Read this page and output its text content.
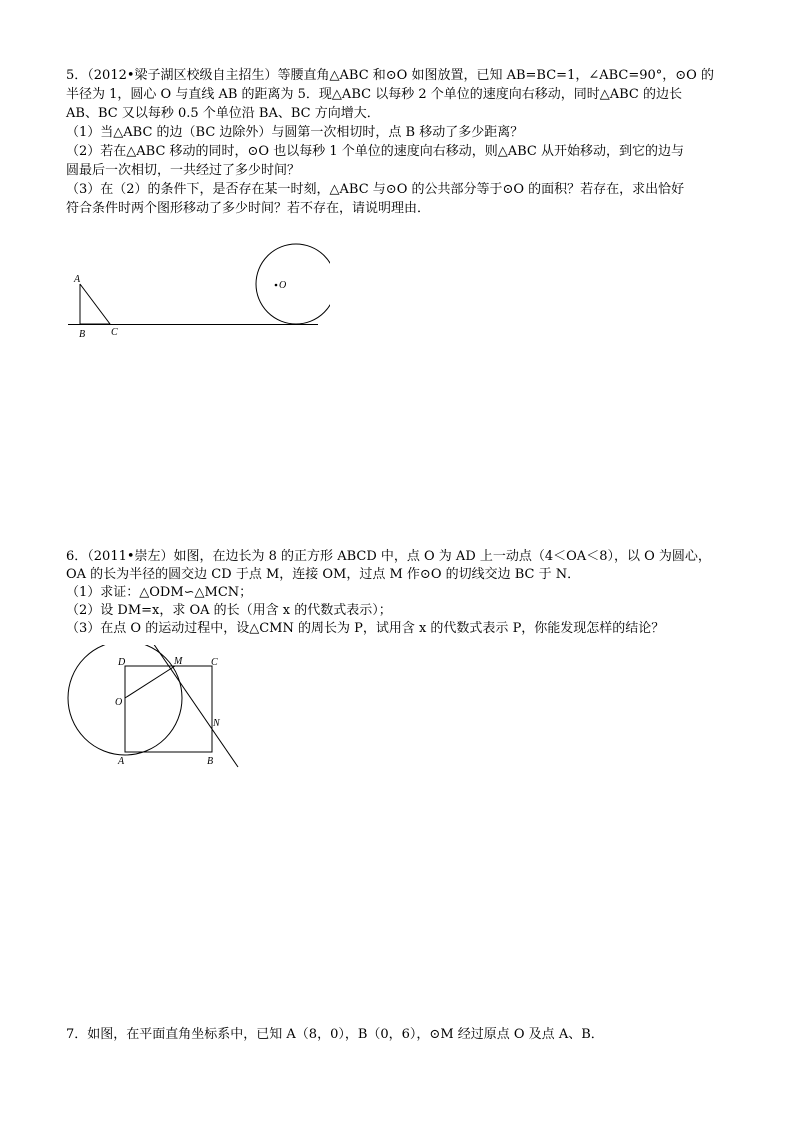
5．（2012•梁子湖区校级自主招生）等腰直角△ABC 和⊙O 如图放置，已知 AB=BC=1，∠ABC=90°，⊙O 的
半径为 1，圆心 O 与直线 AB 的距离为 5．现△ABC 以每秒 2 个单位的速度向右移动，同时△ABC 的边长
AB、BC 又以每秒 0.5 个单位沿 BA、BC 方向增大．
（1）当△ABC 的边（BC 边除外）与圆第一次相切时，点 B 移动了多少距离？
（2）若在△ABC 移动的同时，⊙O 也以每秒 1 个单位的速度向右移动，则△ABC 从开始移动，到它的边与
圆最后一次相切，一共经过了多少时间？
（3）在（2）的条件下，是否存在某一时刻，△ABC 与⊙O 的公共部分等于⊙O 的面积？若存在，求出恰好
符合条件时两个图形移动了多少时间？若不存在，请说明理由．
A
B	C
O
6．（2011•崇左）如图，在边长为 8 的正方形 ABCD 中，点 O 为 AD 上一动点（4＜OA＜8），以 O 为圆心，
OA 的长为半径的圆交边 CD 于点 M，连接 OM，过点 M 作⊙O 的切线交边 BC 于 N．
（1）求证：△ODM∽△MCN；
（2）设 DM=x，求 OA 的长（用含 x 的代数式表示）；
（3）在点 O 的运动过程中，设△CMN 的周长为 P，试用含 x 的代数式表示 P，你能发现怎样的结论？
D	M	C
O
N
A	B
7．如图，在平面直角坐标系中，已知 A（8，0），B（0，6），⊙M 经过原点 O 及点 A、B．
